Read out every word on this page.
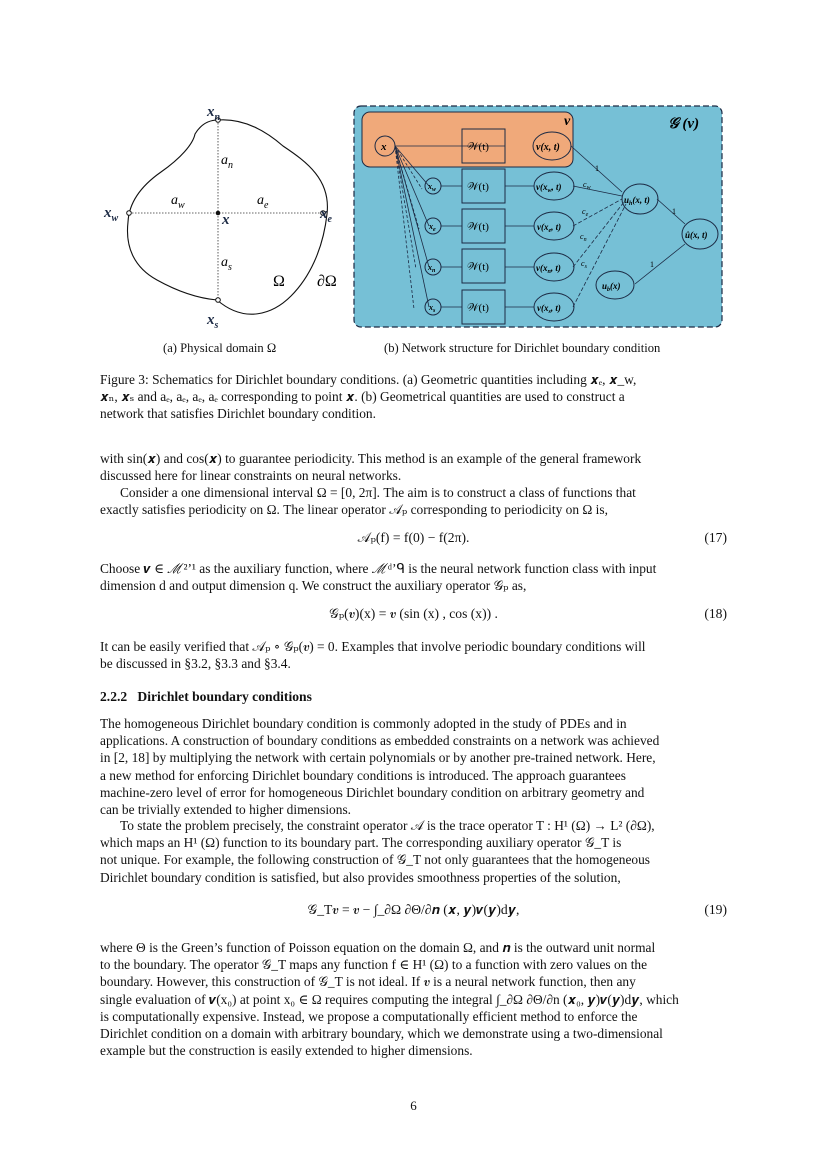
$x_n$
$x_s$
$x_w$	$x_e$
x
$a_n$
$a_s$
$a_w$	$a_e$
Ω ∂Ω
v	𝒢 (v)
x	𝒲(t)	v(x, t)
$x_w$	𝒲(t)	$v(x_w$, t)	$c_w$
$x_e$	𝒲(t)	$v(x_e$, t)
$c_e$
$x_n$	𝒲(t)	$v(x_n$, t)
$c_n$
$x_s$	𝒲(t)	$v(x_s$, t)
$c_s$
$u_h(x$, t)
$u_b(x)$
û(x, t)
1
1
1
(a) Physical domain Ω	(b) Network structure for Dirichlet boundary condition

Figure 3: Schematics for Dirichlet boundary conditions. (a) Geometric quantities including 𝒙ₑ, 𝒙_w,

𝒙ₙ, 𝒙ₛ and aₑ, aₑ, aₑ, aₑ corresponding to point 𝒙. (b) Geometrical quantities are used to construct a

network that satisfies Dirichlet boundary condition.

with sin(𝒙) and cos(𝒙) to guarantee periodicity. This method is an example of the general framework

discussed here for linear constraints on neural networks.

Consider a one dimensional interval Ω = [0, 2π]. The aim is to construct a class of functions that

exactly satisfies periodicity on Ω. The linear operator 𝒜ₚ corresponding to periodicity on Ω is,

𝒜ₚ(f) = f(0) − f(2π).	(17)

Choose 𝒗 ∈ ℳ²ʼ¹ as the auxiliary function, where ℳᵈʼᑫ is the neural network function class with input

dimension d and output dimension q. We construct the auxiliary operator 𝒢ₚ as,

𝒢ₚ(𝒗)(x) = 𝒗 (sin (x) , cos (x)) .	(18)

It can be easily verified that 𝒜ₚ ∘ 𝒢ₚ(𝒗) = 0. Examples that involve periodic boundary conditions will

be discussed in §3.2, §3.3 and §3.4.

2.2.2 Dirichlet boundary conditions

The homogeneous Dirichlet boundary condition is commonly adopted in the study of PDEs and in

applications. A construction of boundary conditions as embedded constraints on a network was achieved

in [2, 18] by multiplying the network with certain polynomials or by another pre-trained network. Here,

a new method for enforcing Dirichlet boundary conditions is introduced. The approach guarantees

machine-zero level of error for homogeneous Dirichlet boundary condition on arbitrary geometry and

can be trivially extended to higher dimensions.

To state the problem precisely, the constraint operator 𝒜 is the trace operator T : H¹ (Ω) → L² (∂Ω),

which maps an H¹ (Ω) function to its boundary part. The corresponding auxiliary operator 𝒢_T is

not unique. For example, the following construction of 𝒢_T not only guarantees that the homogeneous

Dirichlet boundary condition is satisfied, but also provides smoothness properties of the solution,

𝒢_T𝒗 = 𝒗 − ∫_∂Ω ∂Θ/∂𝒏 (𝒙, 𝒚)𝒗(𝒚)d𝒚,	(19)

where Θ is the Green’s function of Poisson equation on the domain Ω, and 𝒏 is the outward unit normal

to the boundary. The operator 𝒢_T maps any function f ∈ H¹ (Ω) to a function with zero values on the

boundary. However, this construction of 𝒢_T is not ideal. If 𝒗 is a neural network function, then any

single evaluation of 𝒗(x₀) at point x₀ ∈ Ω requires computing the integral ∫_∂Ω ∂Θ/∂n (𝒙₀, 𝒚)𝒗(𝒚)d𝒚, which

is computationally expensive. Instead, we propose a computationally efficient method to enforce the

Dirichlet condition on a domain with arbitrary boundary, which we demonstrate using a two-dimensional

example but the construction is easily extended to higher dimensions.

6
